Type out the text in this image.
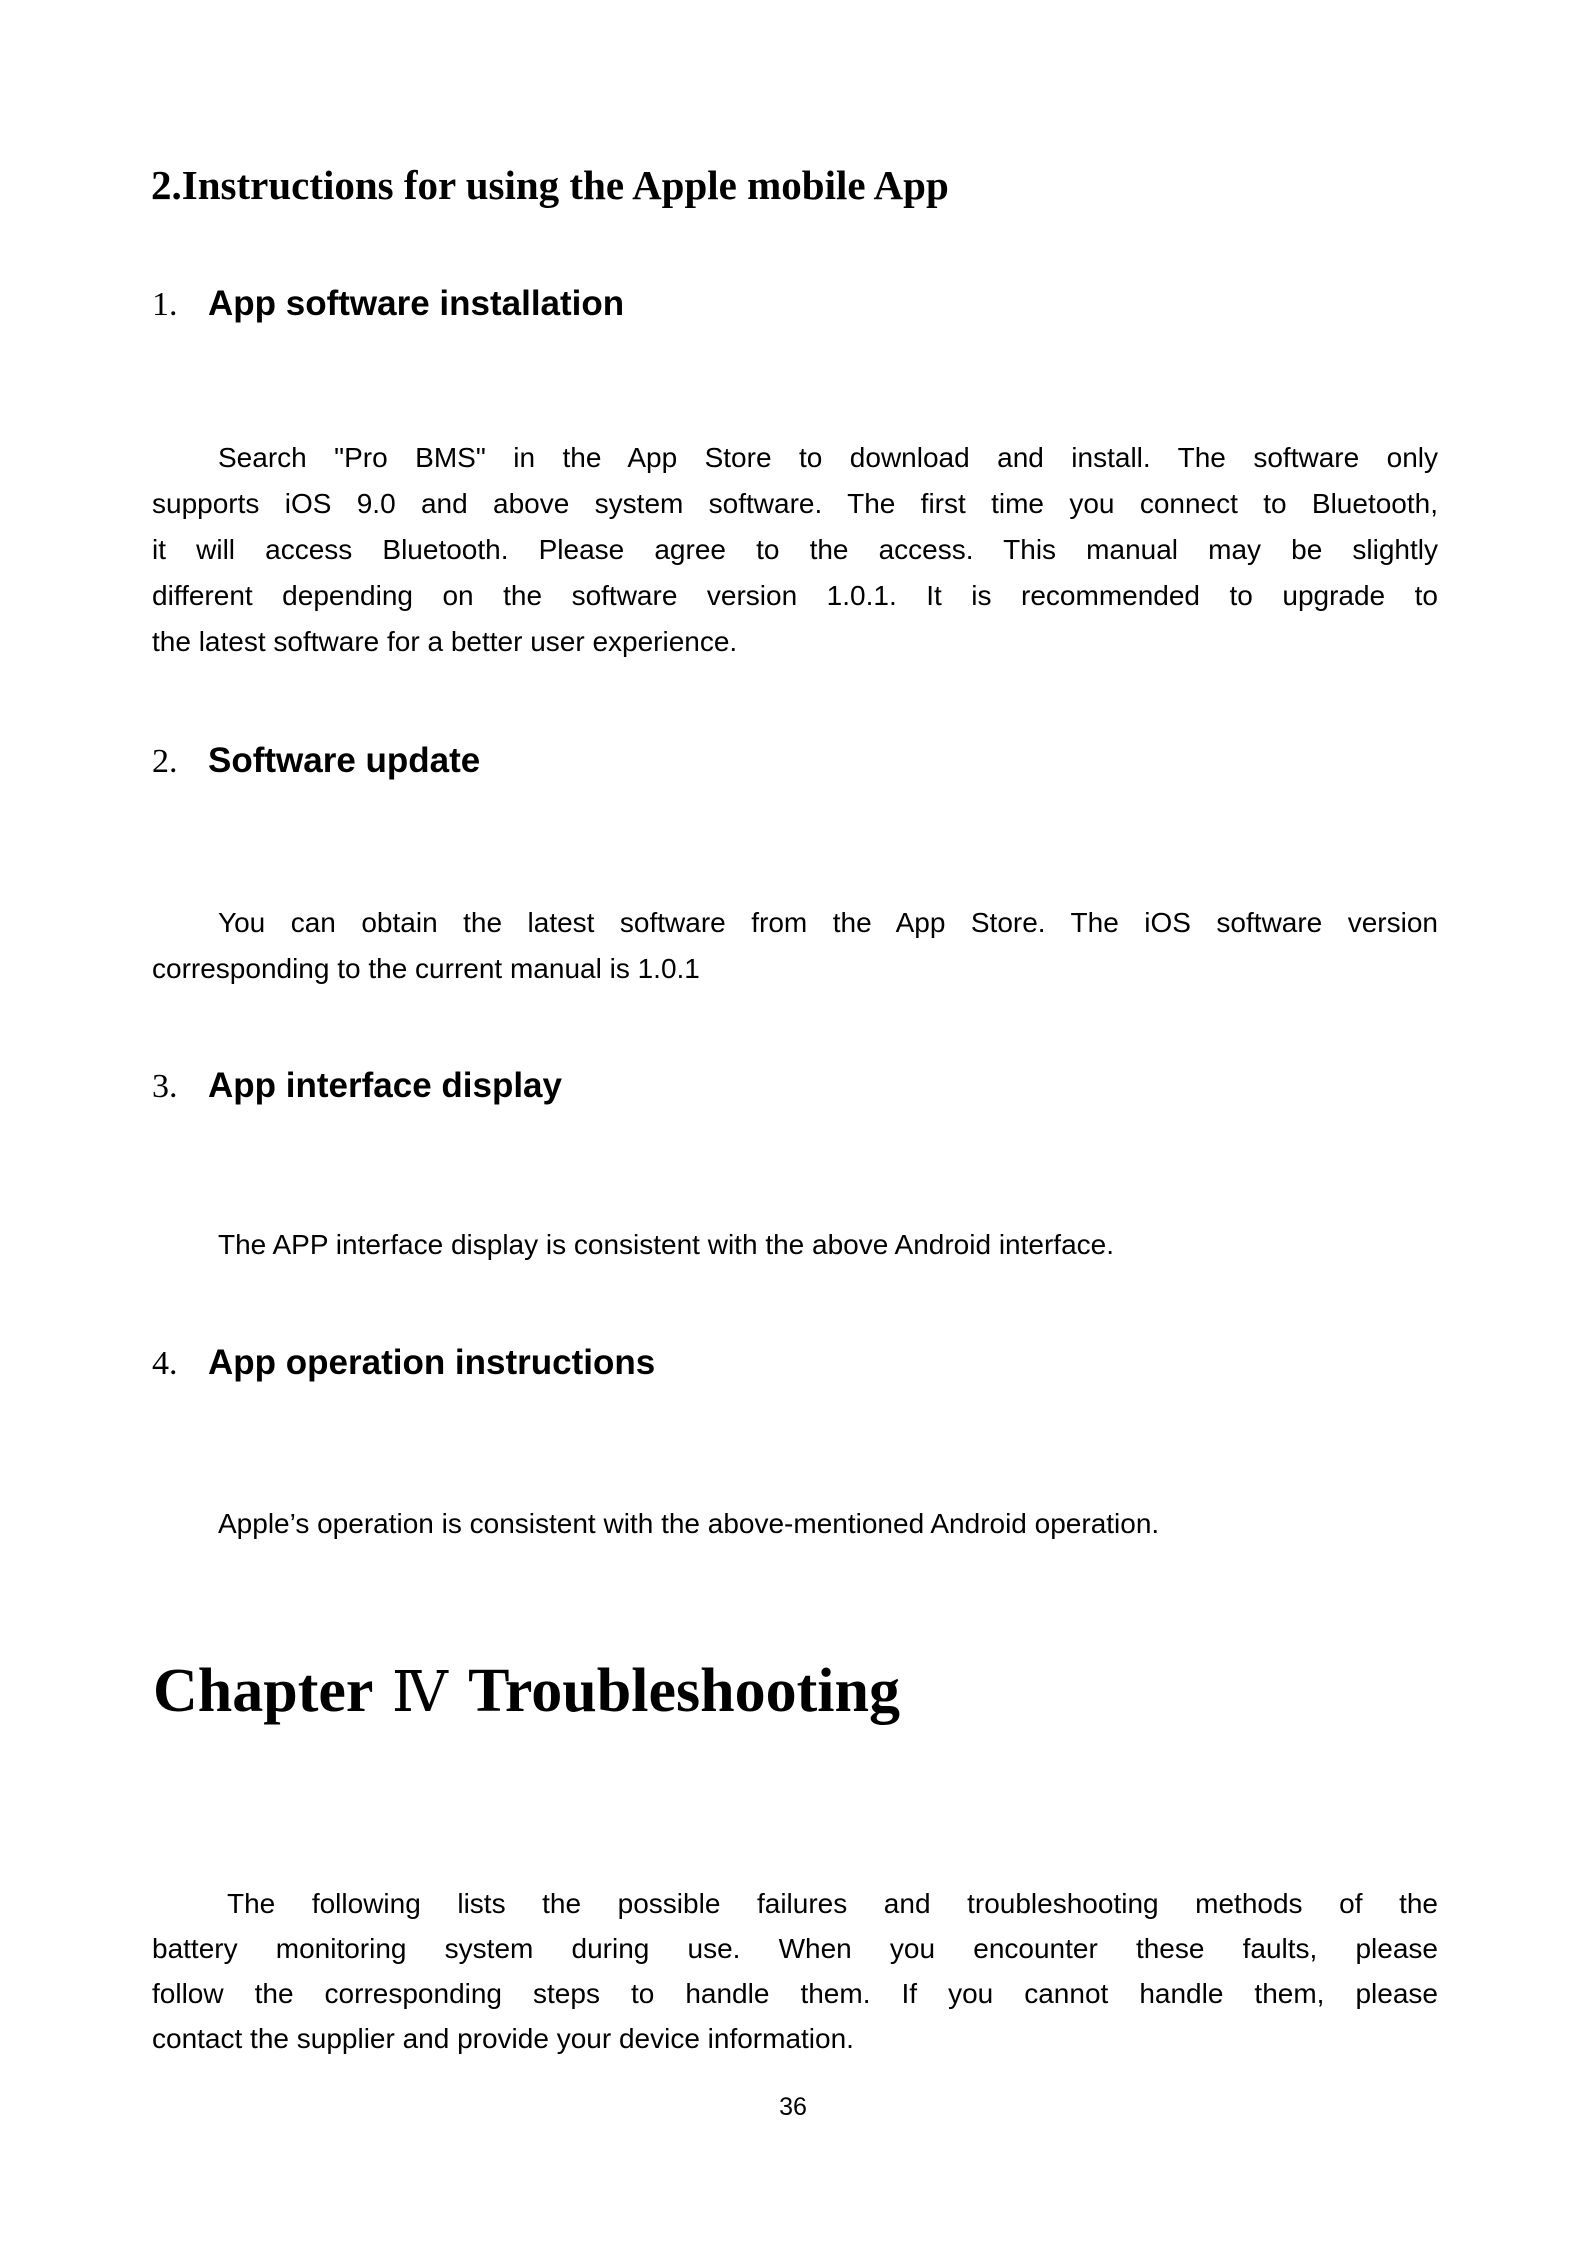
2.Instructions for using the Apple mobile App
1. App software installation
Search "Pro BMS" in the App Store to download and install. The software only
supports iOS 9.0 and above system software. The first time you connect to Bluetooth,
it will access Bluetooth. Please agree to the access. This manual may be slightly
different depending on the software version 1.0.1. It is recommended to upgrade to
the latest software for a better user experience.
2. Software update
You can obtain the latest software from the App Store. The iOS software version
corresponding to the current manual is 1.0.1
3. App interface display
The APP interface display is consistent with the above Android interface.
4. App operation instructions
Apple’s operation is consistent with the above-mentioned Android operation.
Chapter Ⅳ Troubleshooting
The following lists the possible failures and troubleshooting methods of the
battery monitoring system during use. When you encounter these faults, please
follow the corresponding steps to handle them. If you cannot handle them, please
contact the supplier and provide your device information.
36
